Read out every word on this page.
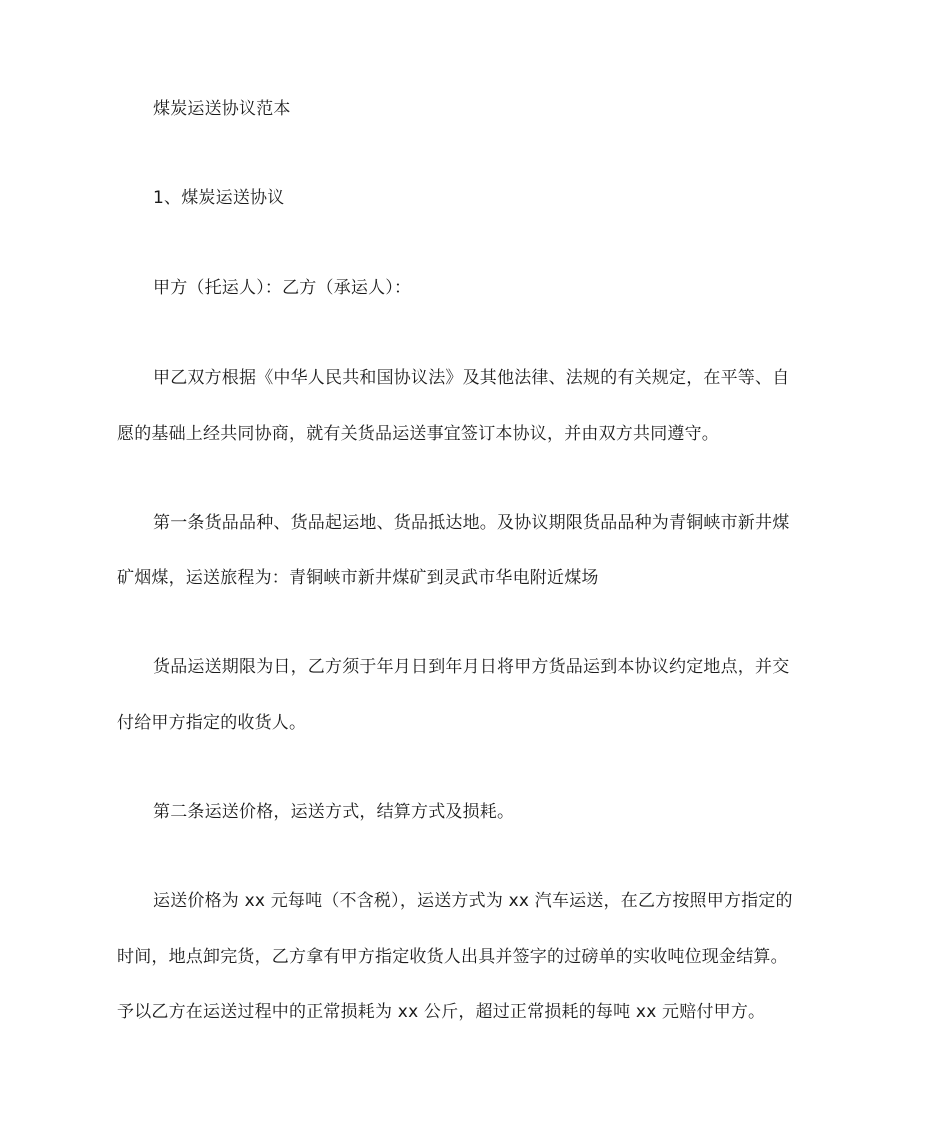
煤炭运送协议范本
1、煤炭运送协议
甲方（托运人）：乙方（承运人）：
甲乙双方根据《中华人民共和国协议法》及其他法律、法规的有关规定，在平等、自
愿的基础上经共同协商，就有关货品运送事宜签订本协议，并由双方共同遵守。
第一条货品品种、货品起运地、货品抵达地。及协议期限货品品种为青铜峡市新井煤
矿烟煤，运送旅程为：青铜峡市新井煤矿到灵武市华电附近煤场
货品运送期限为日，乙方须于年月日到年月日将甲方货品运到本协议约定地点，并交
付给甲方指定的收货人。
第二条运送价格，运送方式，结算方式及损耗。
运送价格为 xx 元每吨（不含税），运送方式为 xx 汽车运送，在乙方按照甲方指定的
时间，地点卸完货，乙方拿有甲方指定收货人出具并签字的过磅单的实收吨位现金结算。
予以乙方在运送过程中的正常损耗为 xx 公斤，超过正常损耗的每吨 xx 元赔付甲方。
